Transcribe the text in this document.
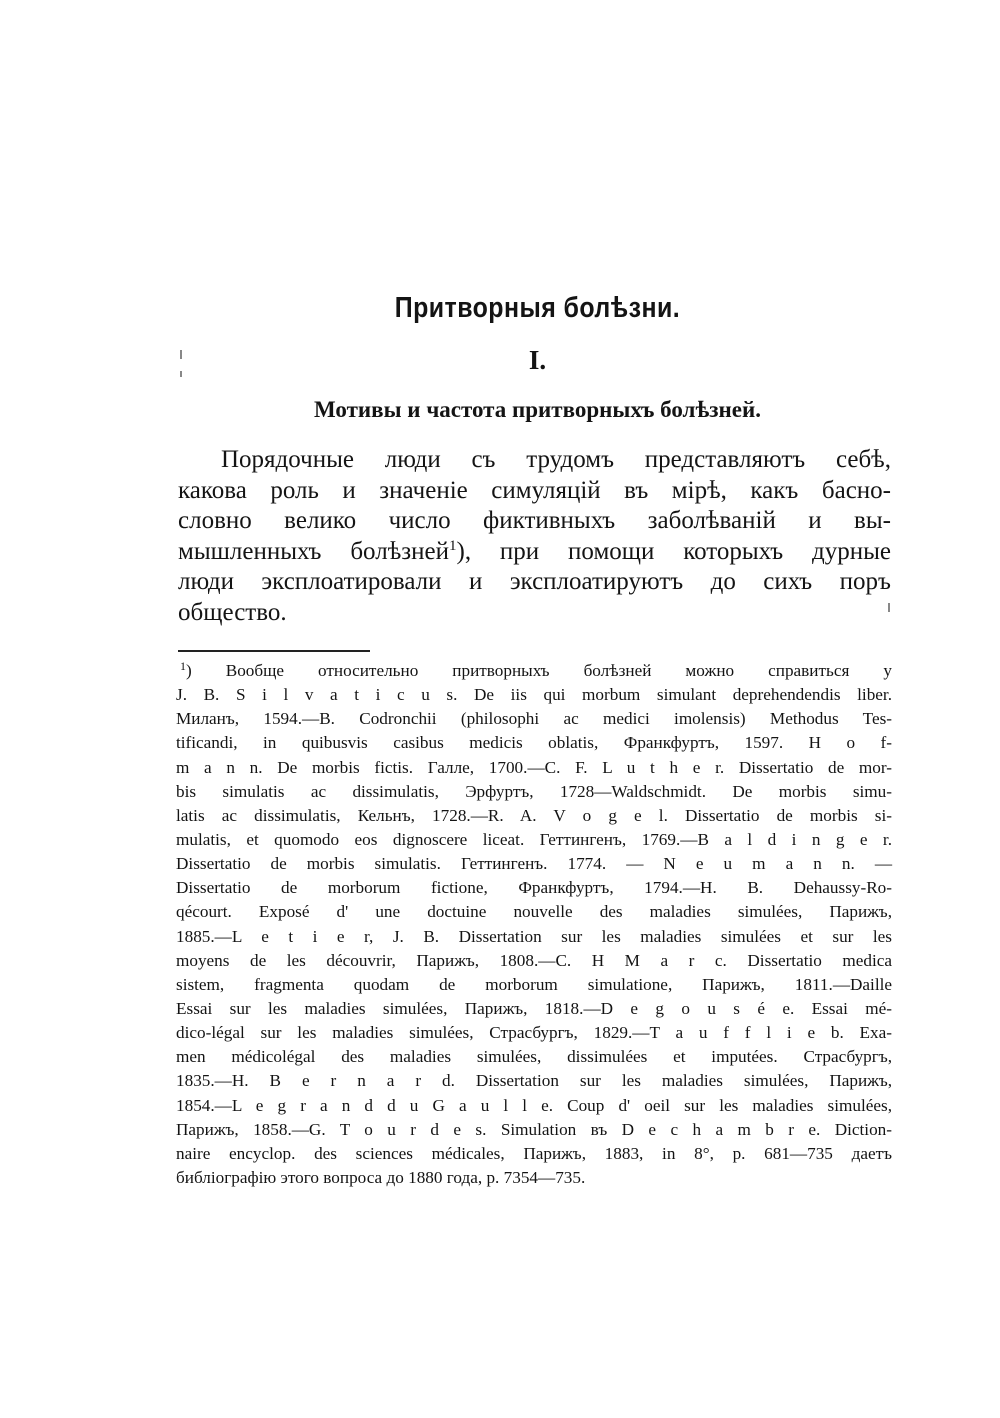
Притворныя болѣзни.
I.
Мотивы и частота притворныхъ болѣзней.
Порядочные люди съ трудомъ представляютъ себѣ,
какова роль и значеніе симуляцій въ мірѣ, какъ басно-
словно велико число фиктивныхъ заболѣваній и вы-
мышленныхъ болѣзней$^1$), при помощи которыхъ дурные
люди эксплоатировали и эксплоатируютъ до сихъ поръ
общество.
$^1$) Вообще относительно притворныхъ болѣзней можно справиться у
J. B. S i l v a t i c u s. De iis qui morbum simulant deprehendendis liber.
Миланъ, 1594.—B. Codronchii (philosophi ac medici imolensis) Methodus Tes-
tificandi, in quibusvis casibus medicis oblatis, Франкфуртъ, 1597. H o f-
m a n n. De morbis fictis. Галле, 1700.—C. F. L u t h e r. Dissertatio de mor-
bis simulatis ac dissimulatis, Эрфуртъ, 1728—Waldschmidt. De morbis simu-
latis ac dissimulatis, Кельнъ, 1728.—R. A. V o g e l. Dissertatio de morbis si-
mulatis, et quomodo eos dignoscere liceat. Геттингенъ, 1769.—B a l d i n g e r.
Dissertatio de morbis simulatis. Геттингенъ. 1774. — N e u m a n n. —
Dissertatio de morborum fictione, Франкфуртъ, 1794.—H. B. Dehaussy-Ro-
qécourt. Exposé d' une doctuine nouvelle des maladies simulées, Парижъ,
1885.—L e t i e r, J. B. Dissertation sur les maladies simulées et sur les
moyens de les découvrir, Парижъ, 1808.—C. H M a r c. Dissertatio medica
sistem, fragmenta quodam de morborum simulatione, Парижъ, 1811.—Daille
Essai sur les maladies simulées, Парижъ, 1818.—D e g o u s é e. Essai mé-
dico-légal sur les maladies simulées, Страсбургъ, 1829.—T a u f f l i e b. Exa-
men médicolégal des maladies simulées, dissimulées et imputées. Страсбургъ,
1835.—H. B e r n a r d. Dissertation sur les maladies simulées, Парижъ,
1854.—L e g r a n d d u G a u l l e. Coup d' oeil sur les maladies simulées,
Парижъ, 1858.—G. T o u r d e s. Simulation въ D e c h a m b r e. Diction-
naire encyclop. des sciences médicales, Парижъ, 1883, in 8°, p. 681—735 даетъ
библіографію этого вопроса до 1880 года, р. 7354—735.
